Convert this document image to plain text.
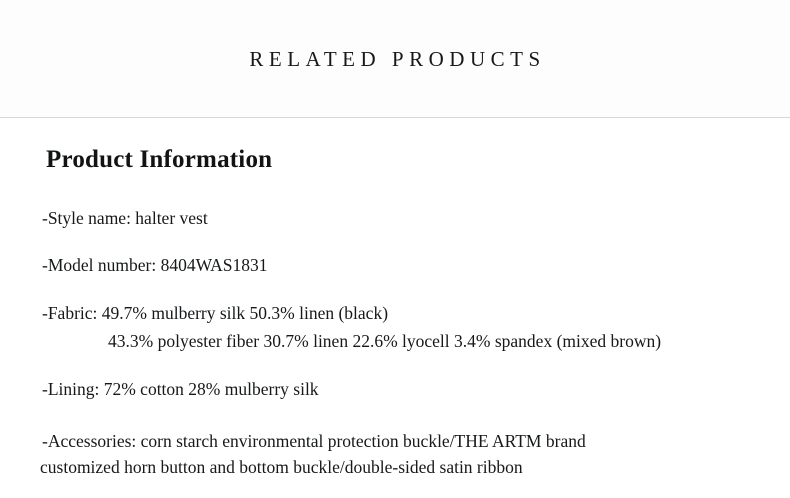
RELATED PRODUCTS
Product Information
-Style name: halter vest
-Model number: 8404WAS1831
-Fabric: 49.7% mulberry silk 50.3% linen (black)
43.3% polyester fiber 30.7% linen 22.6% lyocell 3.4% spandex (mixed brown)
-Lining: 72% cotton 28% mulberry silk
-Accessories: corn starch environmental protection buckle/THE ARTM brand
customized horn button and bottom buckle/double-sided satin ribbon
